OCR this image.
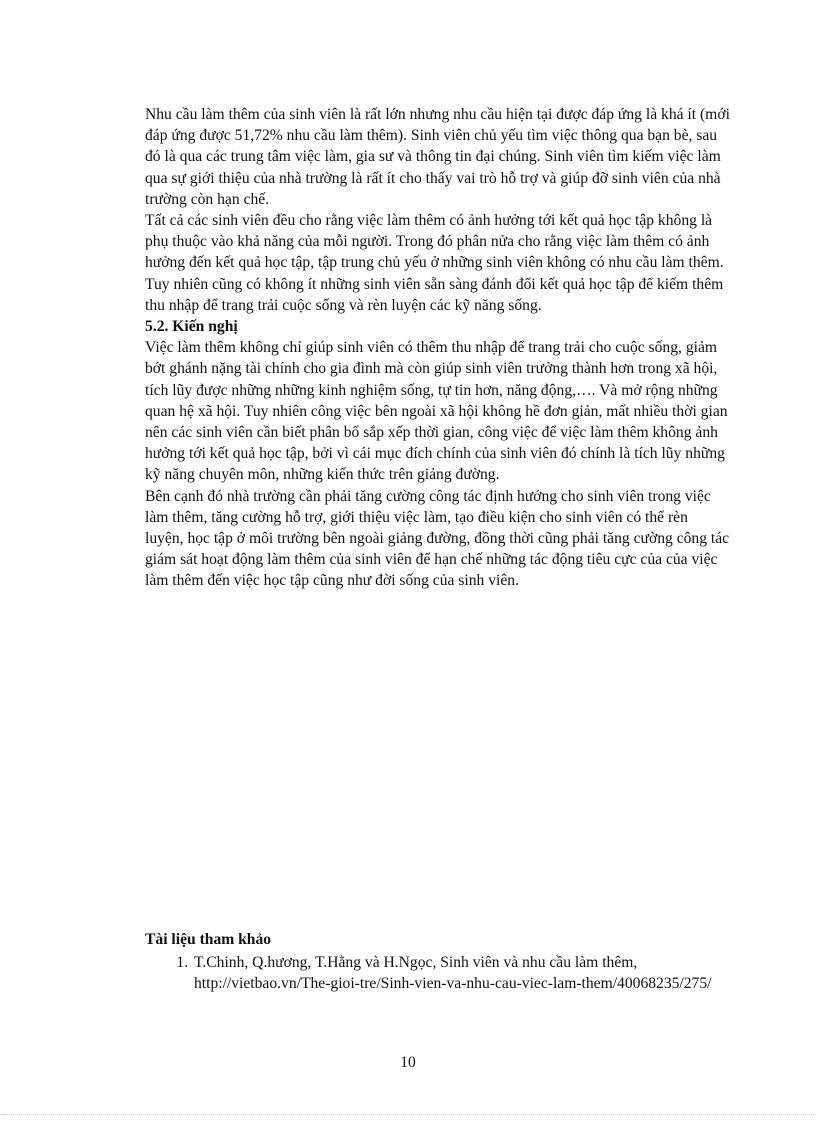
Nhu cầu làm thêm của sinh viên là rất lớn nhưng nhu cầu hiện tại được đáp ứng là khá ít (mới đáp ứng được 51,72% nhu cầu làm thêm). Sinh viên chủ yếu tìm việc thông qua bạn bè, sau đó là qua các trung tâm việc làm, gia sư và thông tin đại chúng. Sinh viên tìm kiếm việc làm qua sự giới thiệu của nhà trường là rất ít cho thấy vai trò hỗ trợ và giúp đỡ sinh viên của nhà trường còn hạn chế.

Tất cả các sinh viên đều cho rằng việc làm thêm có ảnh hưởng tới kết quả học tập không là phụ thuộc vào khả năng của mỗi người. Trong đó phân nửa cho rằng việc làm thêm có ảnh hưởng đến kết quả học tập, tập trung chủ yếu ở những sinh viên không có nhu cầu làm thêm. Tuy nhiên cũng có không ít những sinh viên sẵn sàng đánh đổi kết quả học tập để kiếm thêm thu nhập để trang trải cuộc sống và rèn luyện các kỹ năng sống.

5.2. Kiến nghị

Việc làm thêm không chỉ giúp sinh viên có thêm thu nhập để trang trải cho cuộc sống, giảm bớt ghánh nặng tài chính cho gia đình mà còn giúp sinh viên trưởng thành hơn trong xã hội, tích lũy được những những kinh nghiệm sống, tự tin hơn, năng động,…. Và mở rộng những quan hệ xã hội. Tuy nhiên công việc bên ngoài xã hội không hề đơn giản, mất nhiều thời gian nên các sinh viên cần biết phân bổ sắp xếp thời gian, công việc để việc làm thêm không ảnh hưởng tới kết quả học tập, bởi vì cái mục đích chính của sinh viên đó chính là tích lũy những kỹ năng chuyên môn, những kiến thức trên giảng đường.

Bên cạnh đó nhà trường cần phải tăng cường công tác định hướng cho sinh viên trong việc làm thêm, tăng cường hỗ trợ, giới thiệu việc làm, tạo điều kiện cho sinh viên có thể rèn luyện, học tập ở môi trường bên ngoài giảng đường, đồng thời cũng phải tăng cường công tác giám sát hoạt động làm thêm của sinh viên để hạn chế những tác động tiêu cực của của việc làm thêm đến việc học tập cũng như đời sống của sinh viên.

Tài liệu tham khảo
1. T.Chinh, Q.hương, T.Hằng và H.Ngọc, Sinh viên và nhu cầu làm thêm, http://vietbao.vn/The-gioi-tre/Sinh-vien-va-nhu-cau-viec-lam-them/40068235/275/
10
